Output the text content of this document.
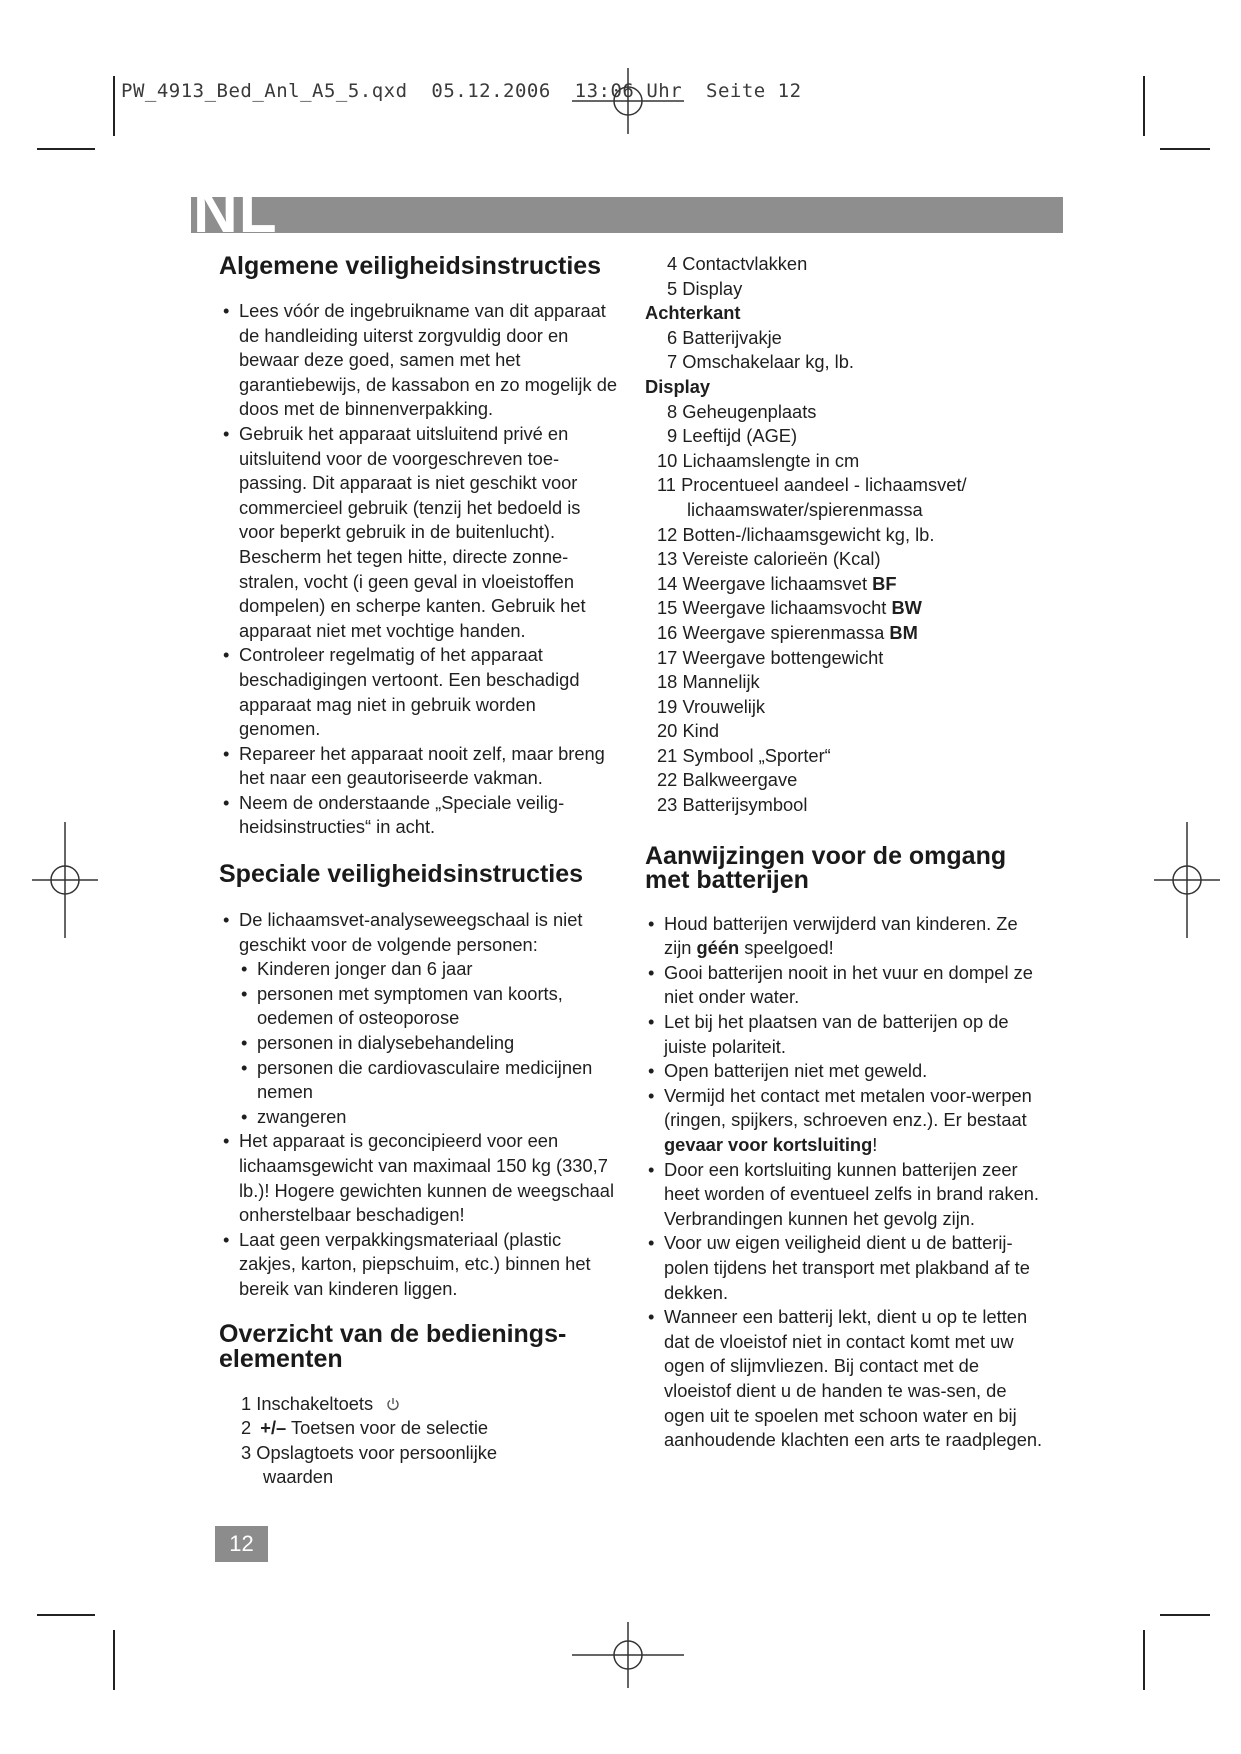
PW_4913_Bed_Anl_A5_5.qxd  05.12.2006  13:06 Uhr  Seite 12
NL
Algemene veiligheidsinstructies
• Lees vóór de ingebruikname van dit apparaat de handleiding uiterst zorgvuldig door en bewaar deze goed, samen met het garantiebewijs, de kassabon en zo mogelijk de doos met de binnenverpakking.
• Gebruik het apparaat uitsluitend privé en uitsluitend voor de voorgeschreven toe-passing. Dit apparaat is niet geschikt voor commercieel gebruik (tenzij het bedoeld is voor beperkt gebruik in de buitenlucht). Bescherm het tegen hitte, directe zonne-stralen, vocht (i geen geval in vloeistoffen dompelen) en scherpe kanten. Gebruik het apparaat niet met vochtige handen.
• Controleer regelmatig of het apparaat beschadigingen vertoont. Een beschadigd apparaat mag niet in gebruik worden genomen.
• Repareer het apparaat nooit zelf, maar breng het naar een geautoriseerde vakman.
• Neem de onderstaande „Speciale veilig-heidsinstructies“ in acht.
Speciale veiligheidsinstructies
• De lichaamsvet-analyseweegschaal is niet geschikt voor de volgende personen:
• Kinderen jonger dan 6 jaar
• personen met symptomen van koorts, oedemen of osteoporose
• personen in dialysebehandeling
• personen die cardiovasculaire medicijnen nemen
• zwangeren
• Het apparaat is geconcipieerd voor een lichaamsgewicht van maximaal 150 kg (330,7 lb.)! Hogere gewichten kunnen de weegschaal onherstelbaar beschadigen!
• Laat geen verpakkingsmateriaal (plastic zakjes, karton, piepschuim, etc.) binnen het bereik van kinderen liggen.
Overzicht van de bedienings-
elementen
1 Inschakeltoets
2 +/– Toetsen voor de selectie
3 Opslagtoets voor persoonlijke
waarden
4 Contactvlakken
5 Display
Achterkant
6 Batterijvakje
7 Omschakelaar kg, lb.
Display
8 Geheugenplaats
9 Leeftijd (AGE)
10 Lichaamslengte in cm
11 Procentueel aandeel - lichaamsvet/
lichaamswater/spierenmassa
12 Botten-/lichaamsgewicht kg, lb.
13 Vereiste calorieën (Kcal)
14 Weergave lichaamsvet BF
15 Weergave lichaamsvocht BW
16 Weergave spierenmassa BM
17 Weergave bottengewicht
18 Mannelijk
19 Vrouwelijk
20 Kind
21 Symbool „Sporter“
22 Balkweergave
23 Batterijsymbool
Aanwijzingen voor de omgang
met batterijen
• Houd batterijen verwijderd van kinderen. Ze zijn géén speelgoed!
• Gooi batterijen nooit in het vuur en dompel ze niet onder water.
• Let bij het plaatsen van de batterijen op de juiste polariteit.
• Open batterijen niet met geweld.
• Vermijd het contact met metalen voor-werpen (ringen, spijkers, schroeven enz.). Er bestaat gevaar voor kortsluiting!
• Door een kortsluiting kunnen batterijen zeer heet worden of eventueel zelfs in brand raken. Verbrandingen kunnen het gevolg zijn.
• Voor uw eigen veiligheid dient u de batterij-polen tijdens het transport met plakband af te dekken.
• Wanneer een batterij lekt, dient u op te letten dat de vloeistof niet in contact komt met uw ogen of slijmvliezen. Bij contact met de vloeistof dient u de handen te was-sen, de ogen uit te spoelen met schoon water en bij aanhoudende klachten een arts te raadplegen.
12
